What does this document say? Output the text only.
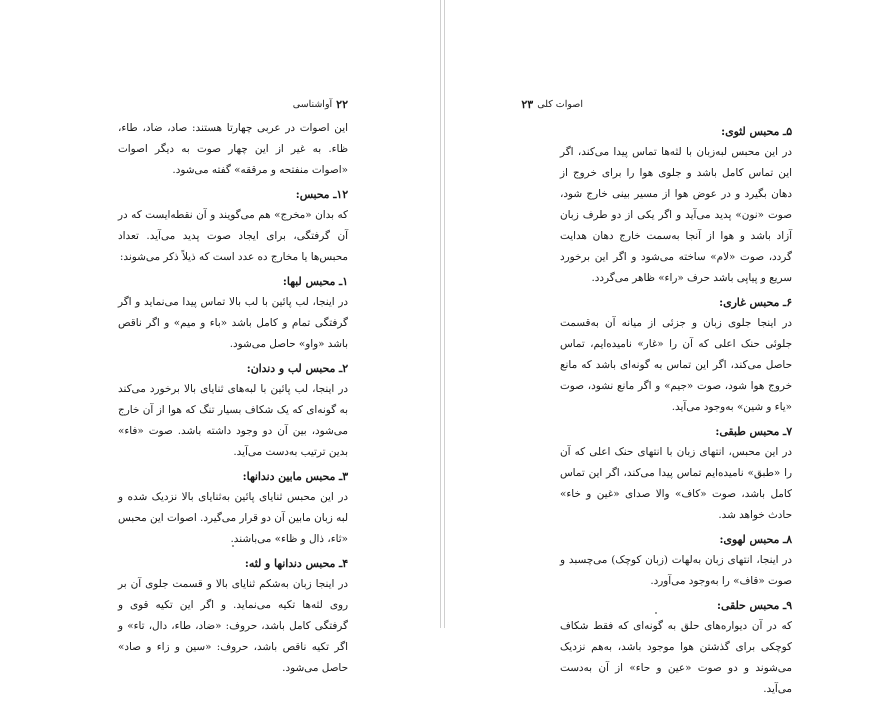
۲۲
آواشناسی
این اصوات در عربی چهارتا هستند: صاد، ضاد، طاء، ظاء. به غیر از این چهار صوت به دیگر اصوات «اصوات منفتحه و مرققه» گفته می‌شود.
۱۲ـ محبس:
که بدان «مخرج» هم می‌گویند و آن نقطه‌ایست که در آن گرفتگی، برای ایجاد صوت پدید می‌آید. تعداد محبس‌ها یا مخارج ده عدد است که ذیلاً ذکر می‌شوند:
۱ـ محبس لبها:
در اینجا، لب پائین با لب بالا تماس پیدا می‌نماید و اگر گرفتگی تمام و کامل باشد «باء و میم» و اگر ناقص باشد «واو» حاصل می‌شود.
۲ـ محبس لب و دندان:
در اینجا، لب پائین با لبه‌های ثنایای بالا برخورد می‌کند به گونه‌ای که یک شکاف بسیار تنگ که هوا از آن خارج می‌شود، بین آن دو وجود داشته باشد. صوت «فاء» بدین ترتیب به‌دست می‌آید.
۳ـ محبس مابین دندانها:
در این محبس ثنایای پائین به‌ثنایای بالا نزدیک شده و لبه زبان مابین آن دو قرار می‌گیرد. اصوات این محبس «ثاء، ذال و ظاء» می‌باشند.
۴ـ محبس دندانها و لثه:
در اینجا زبان به‌شکم ثنایای بالا و قسمت جلوی آن بر روی لثه‌ها تکیه می‌نماید. و اگر این تکیه قوی و گرفتگی کامل باشد، حروف: «ضاد، طاء، دال، تاء» و اگر تکیه ناقص باشد، حروف: «سین و زاء و صاد» حاصل می‌شود.
اصوات کلی
۲۳
۵ـ محبس لثوی:
در این محبس لبه‌زبان با لثه‌ها تماس پیدا می‌کند، اگر این تماس کامل باشد و جلوی هوا را برای خروج از دهان بگیرد و در عوض هوا از مسیر بینی خارج شود، صوت «نون» پدید می‌آید و اگر یکی از دو طرف زبان آزاد باشد و هوا از آنجا به‌سمت خارج دهان هدایت گردد، صوت «لام» ساخته می‌شود و اگر این برخورد سریع و پیاپی باشد حرف «راء» ظاهر می‌گردد.
۶ـ محبس غاری:
در اینجا جلوی زبان و جزئی از میانه آن به‌قسمت جلوئی حنک اعلی که آن را «غار» نامیده‌ایم، تماس حاصل می‌کند، اگر این تماس به گونه‌ای باشد که مانع خروج هوا شود، صوت «جیم» و اگر مانع نشود، صوت «یاء و شین» به‌وجود می‌آید.
۷ـ محبس طبقی:
در این محبس، انتهای زبان با انتهای حنک اعلی که آن را «طبق» نامیده‌ایم تماس پیدا می‌کند، اگر این تماس کامل باشد، صوت «کاف» والا صدای «غین و خاء» حادث خواهد شد.
۸ـ محبس لهوی:
در اینجا، انتهای زبان به‌لهات (زبان کوچک) می‌چسبد و صوت «قاف» را به‌وجود می‌آورد.
۹ـ محبس حلقی:
که در آن دیواره‌های حلق به گونه‌ای که فقط شکاف کوچکی برای گذشتن هوا موجود باشد، به‌هم نزدیک می‌شوند و دو صوت «عین و حاء» از آن به‌دست می‌آید.
